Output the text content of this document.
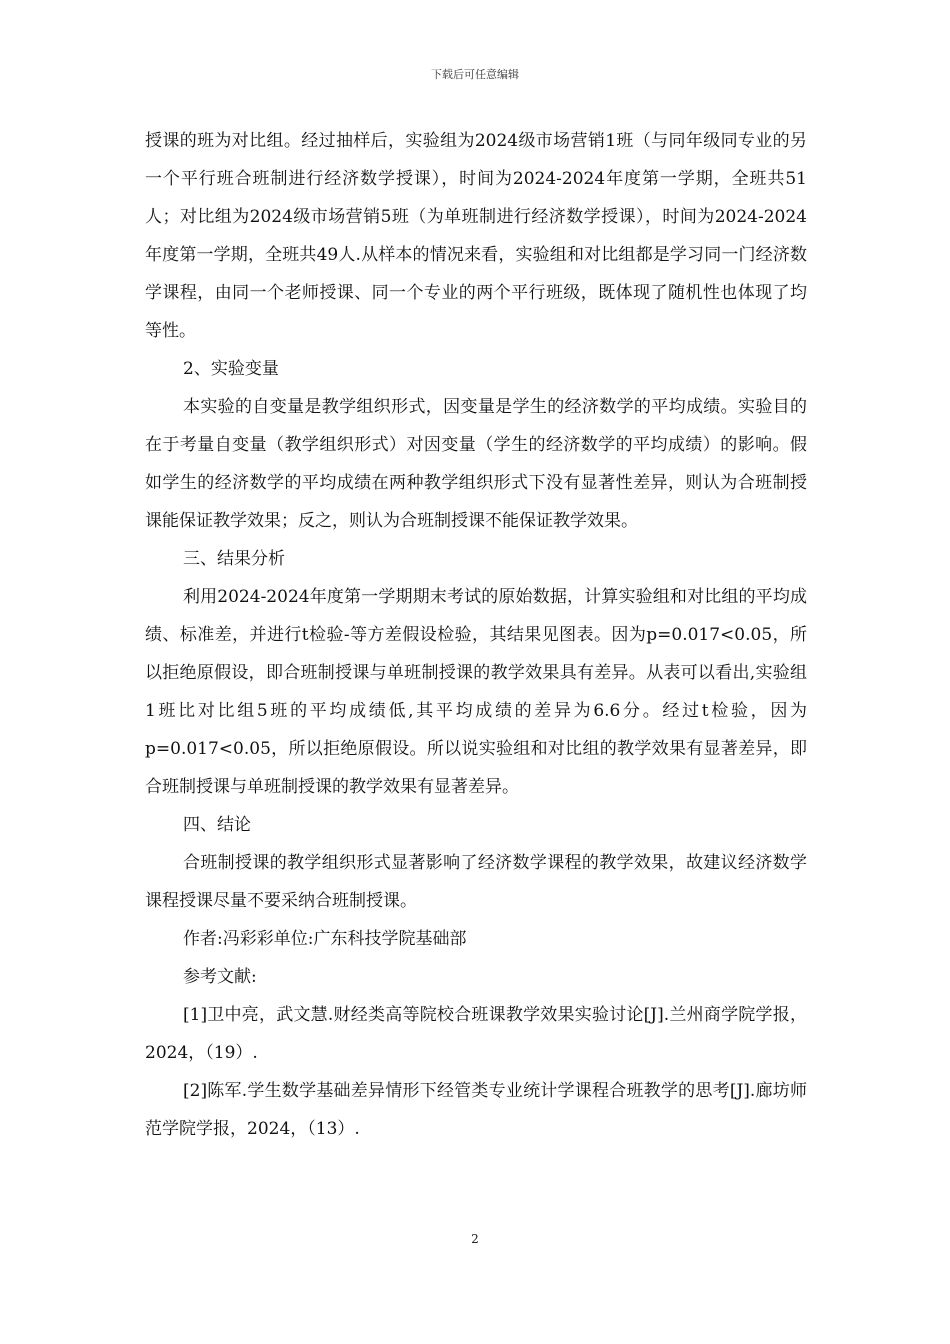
下载后可任意编辑

授课的班为对比组。经过抽样后，实验组为2024级市场营销1班（与同年级同专业的另一个平行班合班制进行经济数学授课），时间为2024-2024年度第一学期，全班共51人；对比组为2024级市场营销5班（为单班制进行经济数学授课），时间为2024-2024年度第一学期，全班共49人.从样本的情况来看，实验组和对比组都是学习同一门经济数学课程，由同一个老师授课、同一个专业的两个平行班级，既体现了随机性也体现了均等性。

2、实验变量

本实验的自变量是教学组织形式，因变量是学生的经济数学的平均成绩。实验目的在于考量自变量（教学组织形式）对因变量（学生的经济数学的平均成绩）的影响。假如学生的经济数学的平均成绩在两种教学组织形式下没有显著性差异，则认为合班制授课能保证教学效果；反之，则认为合班制授课不能保证教学效果。

三、结果分析

利用2024-2024年度第一学期期末考试的原始数据，计算实验组和对比组的平均成绩、标准差，并进行t检验-等方差假设检验，其结果见图表。因为p=0.017<0.05，所以拒绝原假设，即合班制授课与单班制授课的教学效果具有差异。从表可以看出,实验组1班比对比组5班的平均成绩低,其平均成绩的差异为6.6分。经过t检验，因为p=0.017<0.05，所以拒绝原假设。所以说实验组和对比组的教学效果有显著差异，即合班制授课与单班制授课的教学效果有显著差异。

四、结论

合班制授课的教学组织形式显著影响了经济数学课程的教学效果，故建议经济数学课程授课尽量不要采纳合班制授课。

作者:冯彩彩单位:广东科技学院基础部

参考文献:

[1]卫中亮，武文慧.财经类高等院校合班课教学效果实验讨论[J].兰州商学院学报，2024，（19）.

[2]陈军.学生数学基础差异情形下经管类专业统计学课程合班教学的思考[J].廊坊师范学院学报，2024，（13）.

2
